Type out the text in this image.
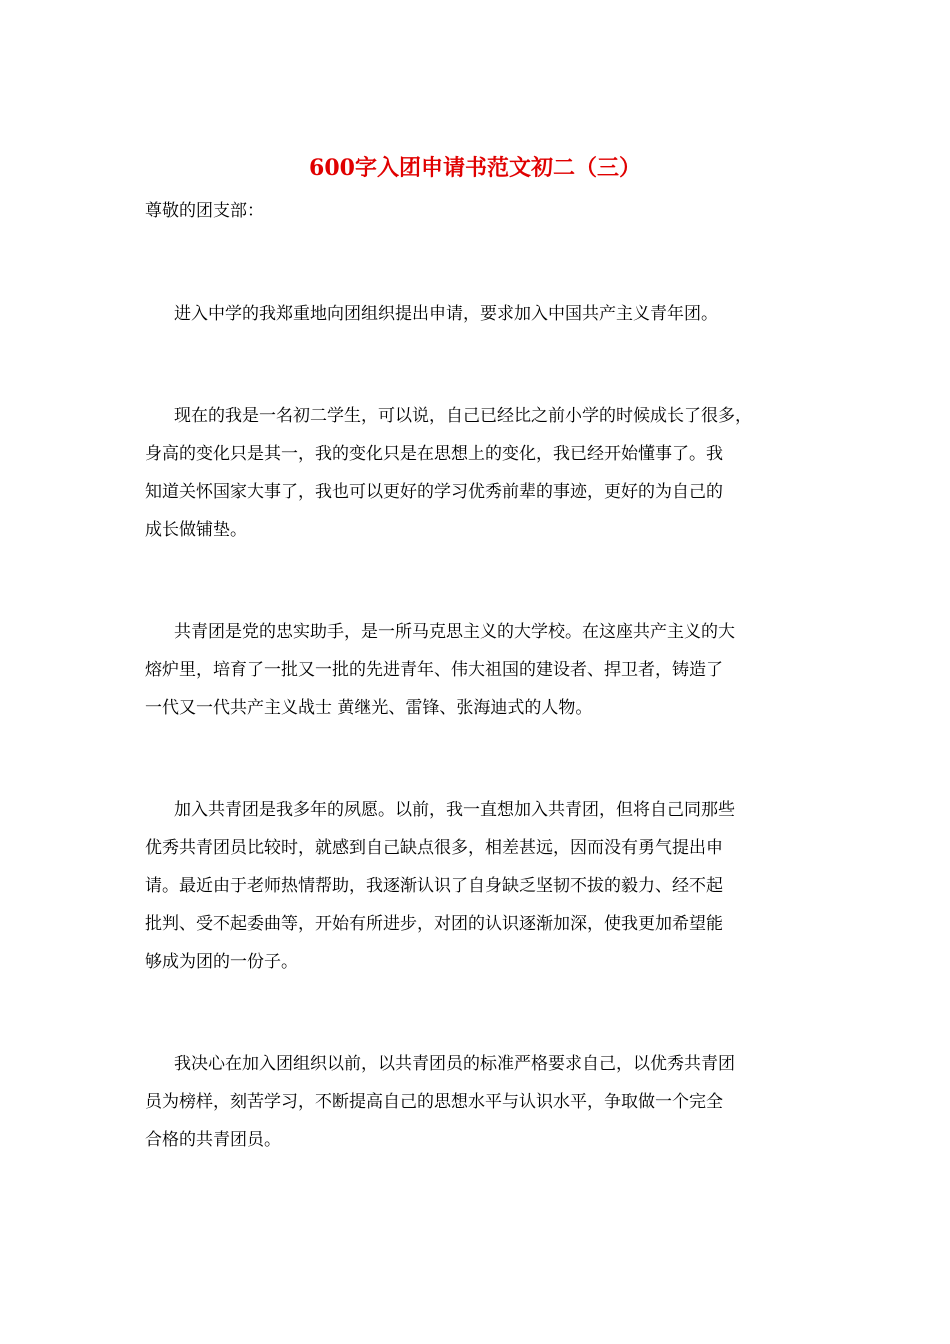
600字入团申请书范文初二（三）

尊敬的团支部：

进入中学的我郑重地向团组织提出申请，要求加入中国共产主义青年团。

现在的我是一名初二学生，可以说，自己已经比之前小学的时候成长了很多，

身高的变化只是其一，我的变化只是在思想上的变化，我已经开始懂事了。我

知道关怀国家大事了，我也可以更好的学习优秀前辈的事迹，更好的为自己的

成长做铺垫。

共青团是党的忠实助手，是一所马克思主义的大学校。在这座共产主义的大

熔炉里，培育了一批又一批的先进青年、伟大祖国的建设者、捍卫者，铸造了

一代又一代共产主义战士 黄继光、雷锋、张海迪式的人物。

加入共青团是我多年的夙愿。以前，我一直想加入共青团，但将自己同那些

优秀共青团员比较时，就感到自己缺点很多，相差甚远，因而没有勇气提出申

请。最近由于老师热情帮助，我逐渐认识了自身缺乏坚韧不拔的毅力、经不起

批判、受不起委曲等，开始有所进步，对团的认识逐渐加深，使我更加希望能

够成为团的一份子。

我决心在加入团组织以前，以共青团员的标准严格要求自己，以优秀共青团

员为榜样，刻苦学习，不断提高自己的思想水平与认识水平，争取做一个完全

合格的共青团员。
